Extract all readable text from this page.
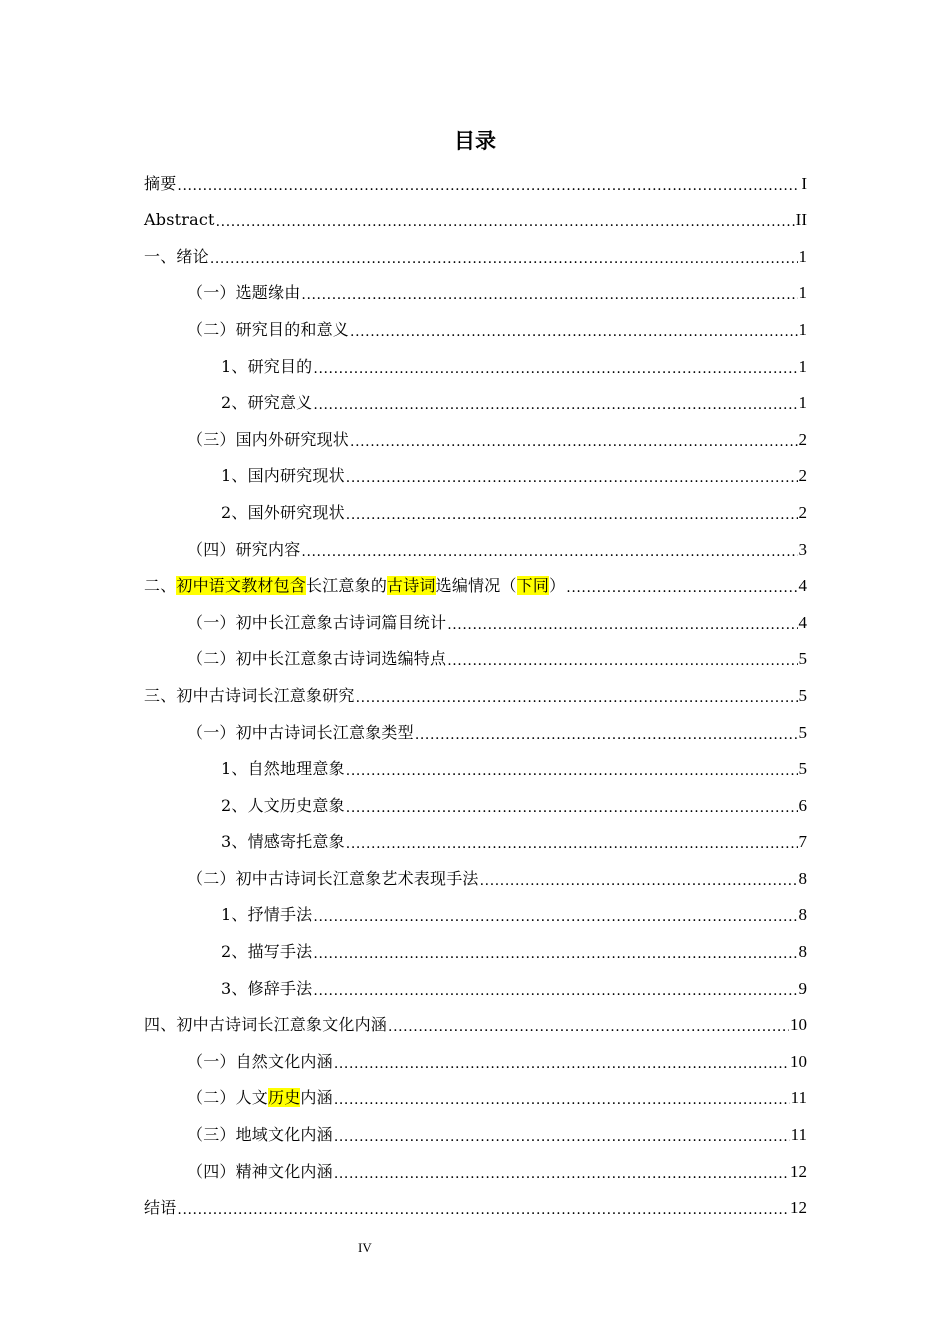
目录
摘要 .....	I
Abstract .....	II
一、绪论 .....	1
（一）选题缘由 .....	1
（二）研究目的和意义 .....	1
1、研究目的 .....	1
2、研究意义 .....	1
（三）国内外研究现状 .....	2
1、国内研究现状 .....	2
2、国外研究现状 .....	2
（四）研究内容 .....	3
二、初中语文教材包含长江意象的古诗词选编情况（下同） .....	4
（一）初中长江意象古诗词篇目统计 .....	4
（二）初中长江意象古诗词选编特点 .....	5
三、初中古诗词长江意象研究 .....	5
（一）初中古诗词长江意象类型 .....	5
1、自然地理意象 .....	5
2、人文历史意象 .....	6
3、情感寄托意象 .....	7
（二）初中古诗词长江意象艺术表现手法 .....	8
1、抒情手法 .....	8
2、描写手法 .....	8
3、修辞手法 .....	9
四、初中古诗词长江意象文化内涵 .....	10
（一）自然文化内涵 .....	10
（二）人文历史内涵 .....	11
（三）地域文化内涵 .....	11
（四）精神文化内涵 .....	12
结语 .....	12
IV
